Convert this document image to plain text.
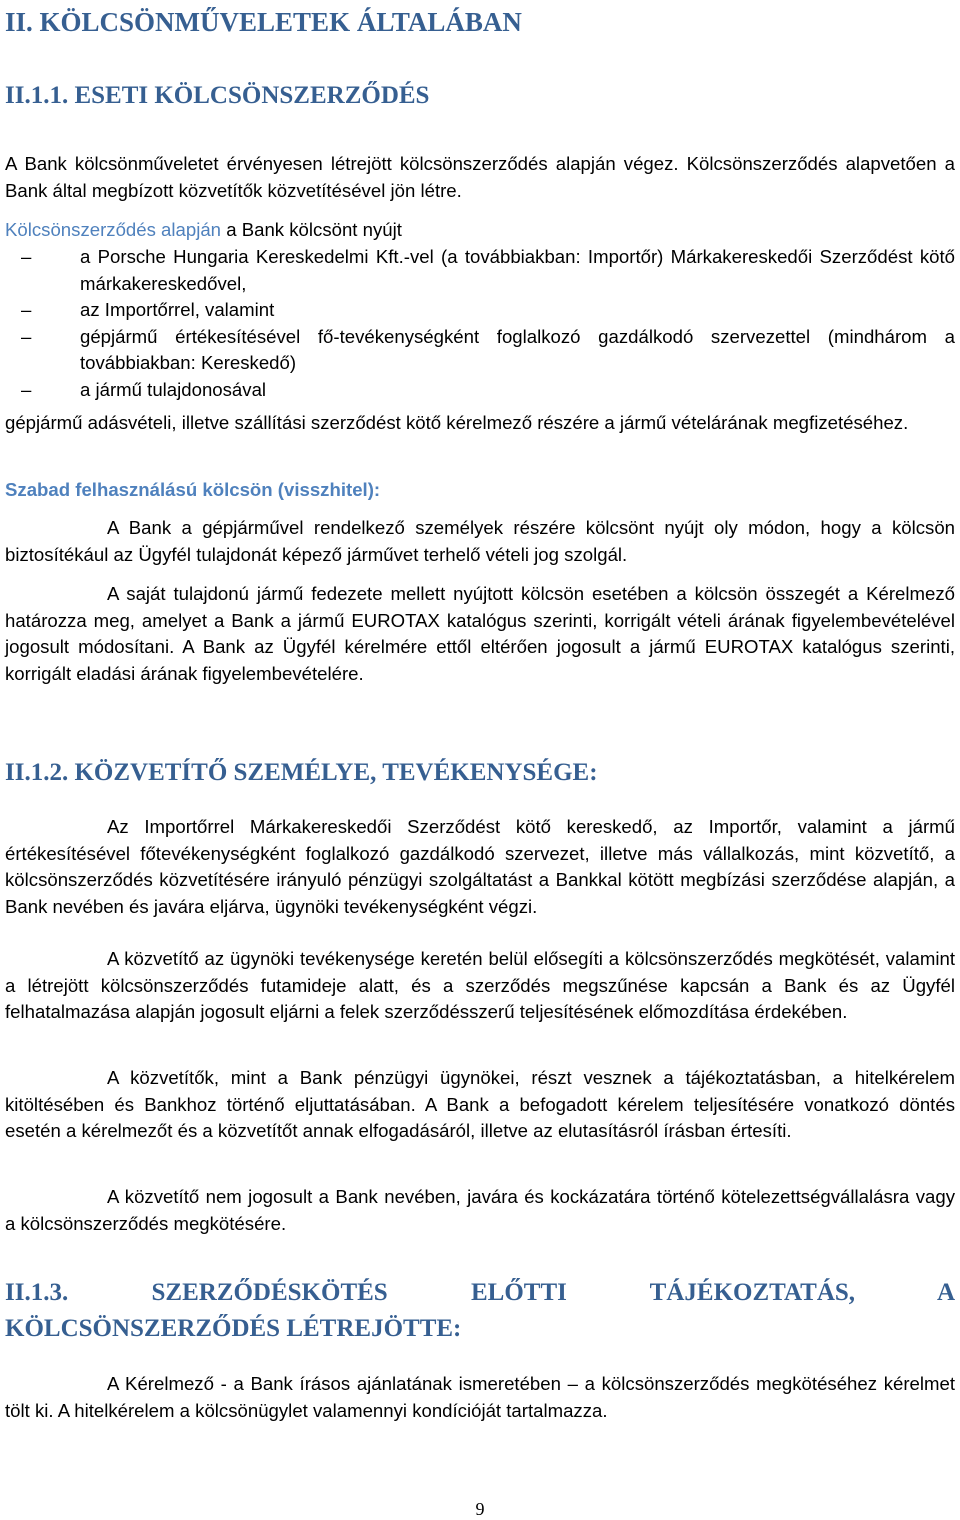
II. KÖLCSÖNMŰVELETEK ÁLTALÁBAN
II.1.1. ESETI KÖLCSÖNSZERZŐDÉS

A Bank kölcsönműveletet érvényesen létrejött kölcsönszerződés alapján végez. Kölcsönszerződés alapvetően a Bank által megbízott közvetítők közvetítésével jön létre.

Kölcsönszerződés alapján a Bank kölcsönt nyújt

–	a Porsche Hungaria Kereskedelmi Kft.-vel (a továbbiakban: Importőr) Márkakereskedői Szerződést kötő márkakereskedővel,
–	az Importőrrel, valamint
–	gépjármű értékesítésével fő-tevékenységként foglalkozó gazdálkodó szervezettel (mindhárom a továbbiakban: Kereskedő)
–	a jármű tulajdonosával

gépjármű adásvételi, illetve szállítási szerződést kötő kérelmező részére a jármű vételárának megfizetéséhez.

Szabad felhasználású kölcsön (visszhitel):

A Bank a gépjárművel rendelkező személyek részére kölcsönt nyújt oly módon, hogy a kölcsön biztosítékául az Ügyfél tulajdonát képező járművet terhelő vételi jog szolgál.

A saját tulajdonú jármű fedezete mellett nyújtott kölcsön esetében a kölcsön összegét a Kérelmező határozza meg, amelyet a Bank a jármű EUROTAX katalógus szerinti, korrigált vételi árának figyelembevételével jogosult módosítani. A Bank az Ügyfél kérelmére ettől eltérően jogosult a jármű EUROTAX katalógus szerinti, korrigált eladási árának figyelembevételére.

II.1.2. KÖZVETÍTŐ SZEMÉLYE, TEVÉKENYSÉGE:

Az Importőrrel Márkakereskedői Szerződést kötő kereskedő, az Importőr, valamint a jármű értékesítésével főtevékenységként foglalkozó gazdálkodó szervezet, illetve más vállalkozás, mint közvetítő, a kölcsönszerződés közvetítésére irányuló pénzügyi szolgáltatást a Bankkal kötött megbízási szerződése alapján, a Bank nevében és javára eljárva, ügynöki tevékenységként végzi.

A közvetítő az ügynöki tevékenysége keretén belül elősegíti a kölcsönszerződés megkötését, valamint a létrejött kölcsönszerződés futamideje alatt, és a szerződés megszűnése kapcsán a Bank és az Ügyfél felhatalmazása alapján jogosult eljárni a felek szerződésszerű teljesítésének előmozdítása érdekében.

A közvetítők, mint a Bank pénzügyi ügynökei, részt vesznek a tájékoztatásban, a hitelkérelem kitöltésében és Bankhoz történő eljuttatásában. A Bank a befogadott kérelem teljesítésére vonatkozó döntés esetén a kérelmezőt és a közvetítőt annak elfogadásáról, illetve az elutasításról írásban értesíti.

A közvetítő nem jogosult a Bank nevében, javára és kockázatára történő kötelezettségvállalásra vagy a kölcsönszerződés megkötésére.

II.1.3. SZERZŐDÉSKÖTÉS ELŐTTI TÁJÉKOZTATÁS, A
KÖLCSÖNSZERZŐDÉS LÉTREJÖTTE:

A Kérelmező - a Bank írásos ajánlatának ismeretében – a kölcsönszerződés megkötéséhez kérelmet tölt ki. A hitelkérelem a kölcsönügylet valamennyi kondícióját tartalmazza.

9
